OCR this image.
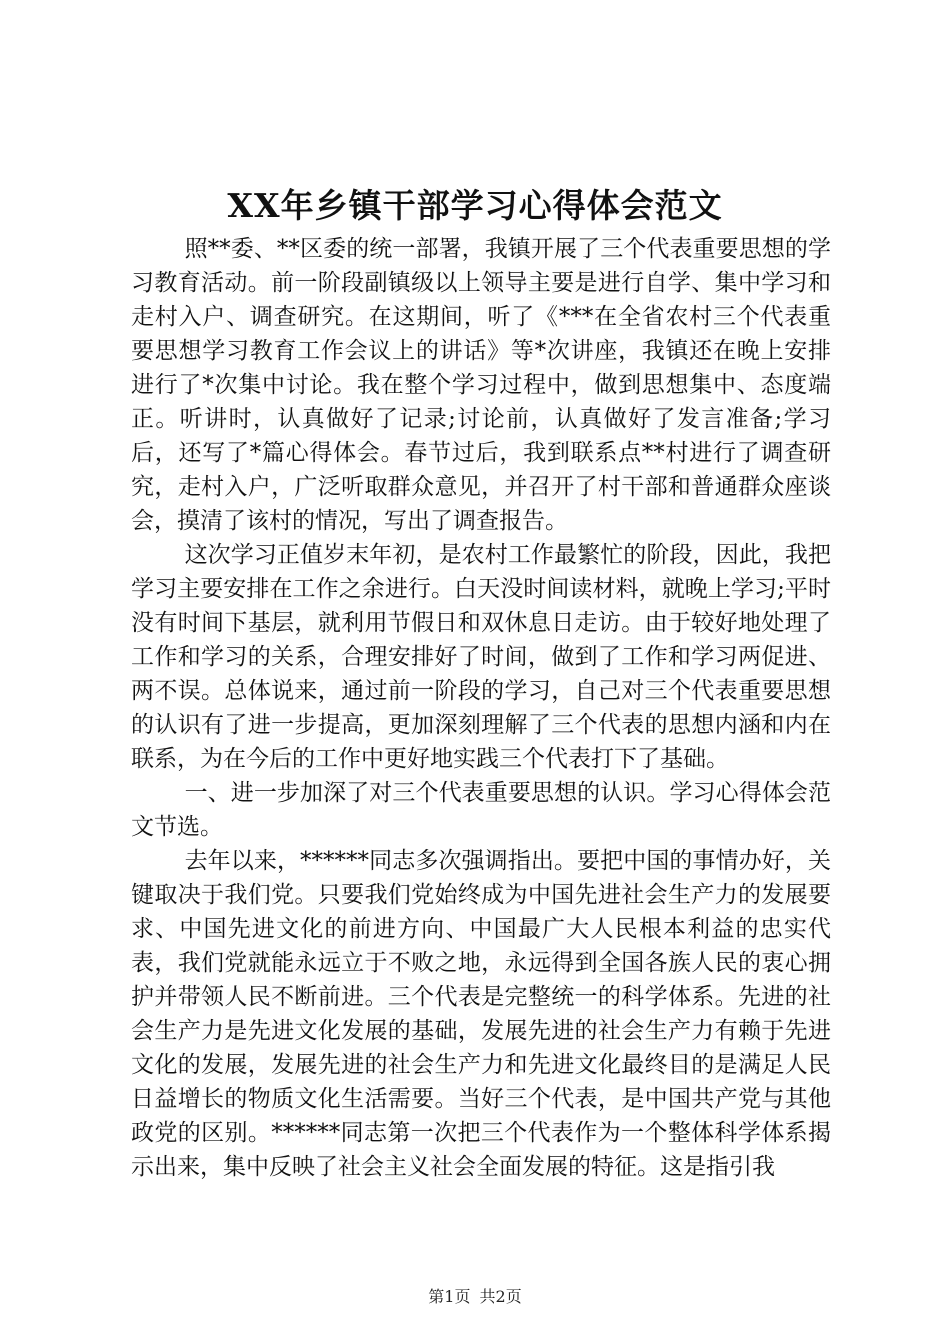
XX年乡镇干部学习心得体会范文

照**委、**区委的统一部署，我镇开展了三个代表重要思想的学习教育活动。前一阶段副镇级以上领导主要是进行自学、集中学习和走村入户、调查研究。在这期间，听了《***在全省农村三个代表重要思想学习教育工作会议上的讲话》等*次讲座，我镇还在晚上安排进行了*次集中讨论。我在整个学习过程中，做到思想集中、态度端正。听讲时，认真做好了记录;讨论前，认真做好了发言准备;学习后，还写了*篇心得体会。春节过后，我到联系点**村进行了调查研究，走村入户，广泛听取群众意见，并召开了村干部和普通群众座谈会，摸清了该村的情况，写出了调查报告。

这次学习正值岁末年初，是农村工作最繁忙的阶段，因此，我把学习主要安排在工作之余进行。白天没时间读材料，就晚上学习;平时没有时间下基层，就利用节假日和双休息日走访。由于较好地处理了工作和学习的关系，合理安排好了时间，做到了工作和学习两促进、两不误。总体说来，通过前一阶段的学习，自己对三个代表重要思想的认识有了进一步提高，更加深刻理解了三个代表的思想内涵和内在联系，为在今后的工作中更好地实践三个代表打下了基础。

一、进一步加深了对三个代表重要思想的认识。学习心得体会范文节选。

去年以来，******同志多次强调指出。要把中国的事情办好，关键取决于我们党。只要我们党始终成为中国先进社会生产力的发展要求、中国先进文化的前进方向、中国最广大人民根本利益的忠实代表，我们党就能永远立于不败之地，永远得到全国各族人民的衷心拥护并带领人民不断前进。三个代表是完整统一的科学体系。先进的社会生产力是先进文化发展的基础，发展先进的社会生产力有赖于先进文化的发展，发展先进的社会生产力和先进文化最终目的是满足人民日益增长的物质文化生活需要。当好三个代表，是中国共产党与其他政党的区别。******同志第一次把三个代表作为一个整体科学体系揭示出来，集中反映了社会主义社会全面发展的特征。这是指引我

第1页 共2页
